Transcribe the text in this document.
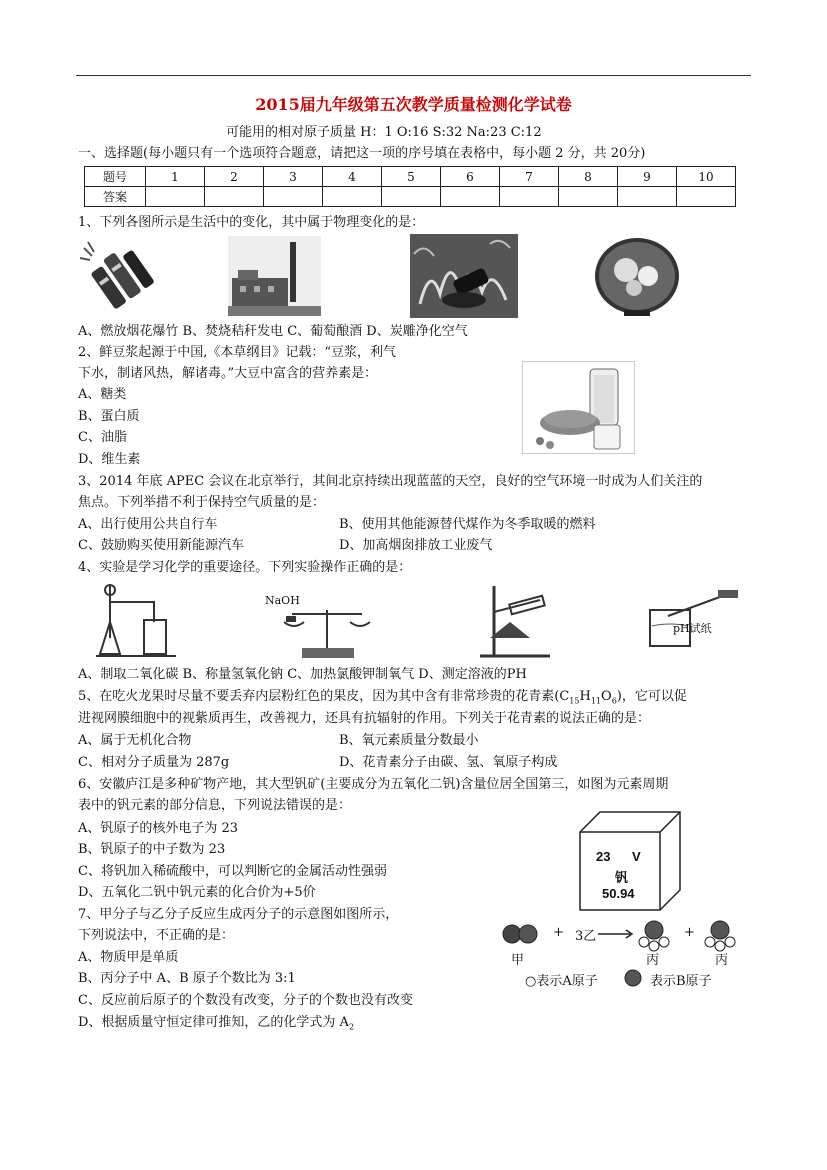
2015届九年级第五次教学质量检测化学试卷
可能用的相对原子质量 H：1 O:16 S:32 Na:23 C:12
一、选择题(每小题只有一个选项符合题意，请把这一项的序号填在表格中，每小题 2 分，共 20分)
题号	1	2	3	4	5	6	7	8	9	10
答案										
1、下列各图所示是生活中的变化，其中属于物理变化的是：
A、燃放烟花爆竹 B、焚烧秸秆发电 C、葡萄酿酒 D、炭雕净化空气
2、鲜豆浆起源于中国,《本草纲目》记载：“豆浆，利气
下水，制诸风热，解诸毒。”大豆中富含的营养素是：
A、糖类
B、蛋白质
C、油脂
D、维生素
3、2014 年底 APEC 会议在北京举行，其间北京持续出现蓝蓝的天空，良好的空气环境一时成为人们关注的
焦点。下列举措不利于保持空气质量的是：
A、出行使用公共自行车	B、使用其他能源替代煤作为冬季取暖的燃料
C、鼓励购买使用新能源汽车	D、加高烟囱排放工业废气
4、实验是学习化学的重要途径。下列实验操作正确的是：
NaOH
pH试纸
A、制取二氧化碳 B、称量氢氧化钠 C、加热氯酸钾制氧气 D、测定溶液的PH
5、在吃火龙果时尽量不要丢弃内层粉红色的果皮，因为其中含有非常珍贵的花青素$(C_{15}H_{11}O_6)$，它可以促
进视网膜细胞中的视紫质再生，改善视力，还具有抗辐射的作用。下列关于花青素的说法正确的是：
A、属于无机化合物	B、氧元素质量分数最小
C、相对分子质量为 287g	D、花青素分子由碳、氢、氧原子构成
6、安徽庐江是多种矿物产地，其大型钒矿(主要成分为五氧化二钒)含量位居全国第三，如图为元素周期
表中的钒元素的部分信息，下列说法错误的是：
A、钒原子的核外电子为 23
B、钒原子的中子数为 23
C、将钒加入稀硫酸中，可以判断它的金属活动性强弱
D、五氧化二钒中钒元素的化合价为+5价
23 V
钒
50.94
7、甲分子与乙分子反应生成丙分子的示意图如图所示，
下列说法中，不正确的是：
A、物质甲是单质
B、丙分子中 A、B 原子个数比为 3:1
C、反应前后原子的个数没有改变，分子的个数也没有改变
D、根据质量守恒定律可推知，乙的化学式为 $A_2$
+ 3乙	+
甲	丙	丙
○表示A原子	表示B原子
